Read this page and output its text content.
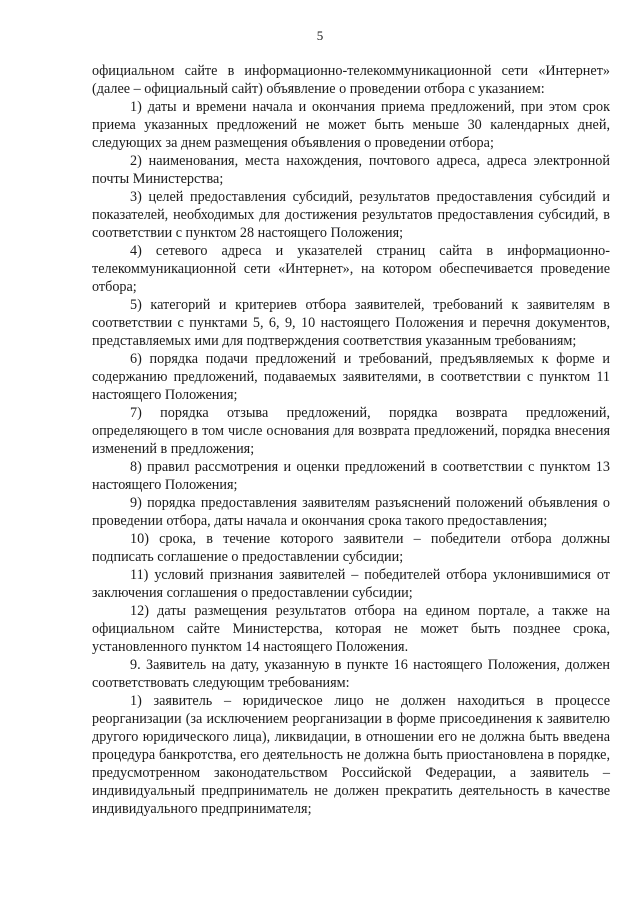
5

официальном сайте в информационно-телекоммуникационной сети «Интернет» (далее – официальный сайт) объявление о проведении отбора с указанием:

1) даты и времени начала и окончания приема предложений, при этом срок приема указанных предложений не может быть меньше 30 календарных дней, следующих за днем размещения объявления о проведении отбора;

2) наименования, места нахождения, почтового адреса, адреса электронной почты Министерства;

3) целей предоставления субсидий, результатов предоставления субсидий и показателей, необходимых для достижения результатов предоставления субсидий, в соответствии с пунктом 28 настоящего Положения;

4) сетевого адреса и указателей страниц сайта в информационно-телекоммуникационной сети «Интернет», на котором обеспечивается проведение отбора;

5) категорий и критериев отбора заявителей, требований к заявителям в соответствии с пунктами 5, 6, 9, 10 настоящего Положения и перечня документов, представляемых ими для подтверждения соответствия указанным требованиям;

6) порядка подачи предложений и требований, предъявляемых к форме и содержанию предложений, подаваемых заявителями, в соответствии с пунктом 11 настоящего Положения;

7) порядка отзыва предложений, порядка возврата предложений, определяющего в том числе основания для возврата предложений, порядка внесения изменений в предложения;

8) правил рассмотрения и оценки предложений в соответствии с пунктом 13 настоящего Положения;

9) порядка предоставления заявителям разъяснений положений объявления о проведении отбора, даты начала и окончания срока такого предоставления;

10) срока, в течение которого заявители – победители отбора должны подписать соглашение о предоставлении субсидии;

11) условий признания заявителей – победителей отбора уклонившимися от заключения соглашения о предоставлении субсидии;

12) даты размещения результатов отбора на едином портале, а также на официальном сайте Министерства, которая не может быть позднее срока, установленного пунктом 14 настоящего Положения.

9. Заявитель на дату, указанную в пункте 16 настоящего Положения, должен соответствовать следующим требованиям:

1) заявитель – юридическое лицо не должен находиться в процессе реорганизации (за исключением реорганизации в форме присоединения к заявителю другого юридического лица), ликвидации, в отношении его не должна быть введена процедура банкротства, его деятельность не должна быть приостановлена в порядке, предусмотренном законодательством Российской Федерации, а заявитель – индивидуальный предприниматель не должен прекратить деятельность в качестве индивидуального предпринимателя;
